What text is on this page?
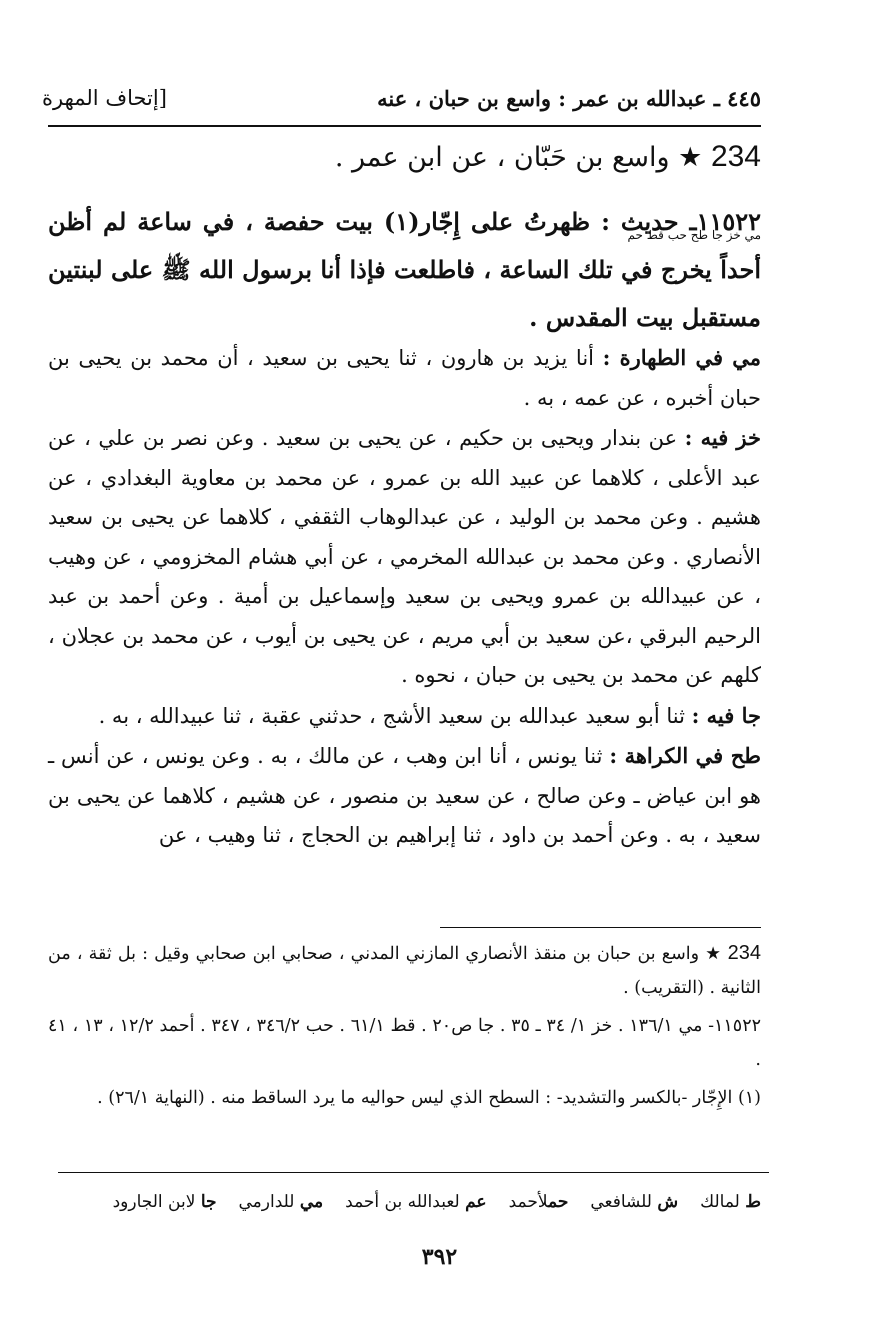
٤٤٥ ـ عبدالله بن عمر : واسع بن حبان ، عنه
[إتحاف المهرة
234 ★ واسع بن حَبّان ، عن ابن عمر .
مي خز جا طح حب قط حم

١١٥٢٢ـ حديث : ظهرتُ على إِجّار(١) بيت حفصة ، في ساعة لم أظن أحداً يخرج في تلك الساعة ، فاطلعت فإذا أنا برسول الله ﷺ على لبنتين مستقبل بيت المقدس .

مي في الطهارة : أنا يزيد بن هارون ، ثنا يحيى بن سعيد ، أن محمد بن يحيى بن حبان أخبره ، عن عمه ، به .

خز فيه : عن بندار ويحيى بن حكيم ، عن يحيى بن سعيد . وعن نصر بن علي ، عن عبد الأعلى ، كلاهما عن عبيد الله بن عمرو ، عن محمد بن معاوية البغدادي ، عن هشيم . وعن محمد بن الوليد ، عن عبدالوهاب الثقفي ، كلاهما عن يحيى بن سعيد الأنصاري . وعن محمد بن عبدالله المخرمي ، عن أبي هشام المخزومي ، عن وهيب ، عن عبيدالله بن عمرو ويحيى بن سعيد وإسماعيل بن أمية . وعن أحمد بن عبد الرحيم البرقي ،عن سعيد بن أبي مريم ، عن يحيى بن أيوب ، عن محمد بن عجلان ، كلهم عن محمد بن يحيى بن حبان ، نحوه .

جا فيه : ثنا أبو سعيد عبدالله بن سعيد الأشج ، حدثني عقبة ، ثنا عبيدالله ، به .

طح في الكراهة : ثنا يونس ، أنا ابن وهب ، عن مالك ، به . وعن يونس ، عن أنس ـ هو ابن عياض ـ وعن صالح ، عن سعيد بن منصور ، عن هشيم ، كلاهما عن يحيى بن سعيد ، به . وعن أحمد بن داود ، ثنا إبراهيم بن الحجاج ، ثنا وهيب ، عن

234 ★ واسع بن حبان بن منقذ الأنصاري المازني المدني ، صحابي ابن صحابي وقيل : بل ثقة ، من الثانية . (التقريب) .

١١٥٢٢- مي ١٣٦/١ . خز ١/ ٣٤ ـ ٣٥ . جا ص٢٠ . قط ٦١/١ . حب ٣٤٦/٢ ، ٣٤٧ . أحمد ١٢/٢ ، ١٣ ، ٤١ .

(١) الإِجّار -بالكسر والتشديد- : السطح الذي ليس حواليه ما يرد الساقط منه . (النهاية ٢٦/١) .

ط لمالك
ش للشافعي
حملأحمد
عم لعبدالله بن أحمد
مي للدارمي
جا لابن الجارود
٣٩٢
